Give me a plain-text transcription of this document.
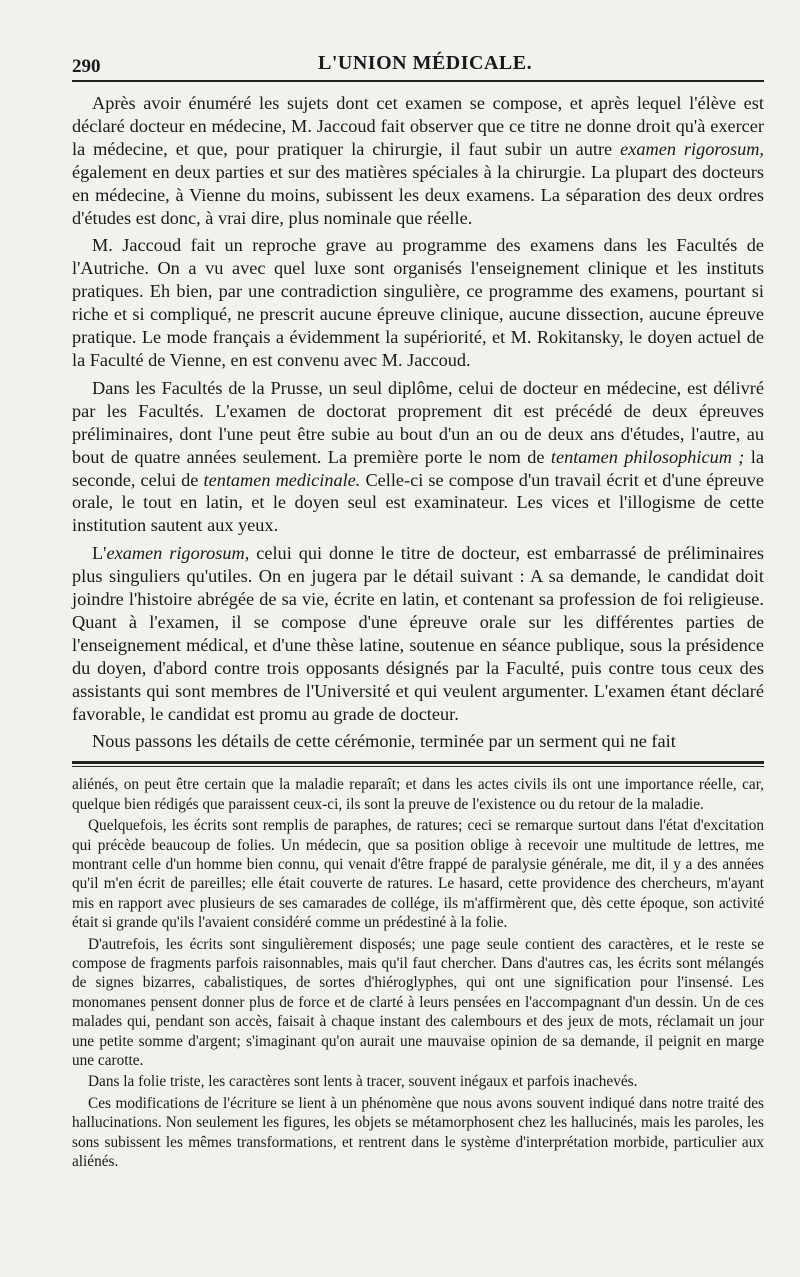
290	L'UNION MÉDICALE.

Après avoir énuméré les sujets dont cet examen se compose, et après lequel l'élève est déclaré docteur en médecine, M. Jaccoud fait observer que ce titre ne donne droit qu'à exercer la médecine, et que, pour pratiquer la chirurgie, il faut subir un autre examen rigorosum, également en deux parties et sur des matières spéciales à la chirurgie. La plupart des docteurs en médecine, à Vienne du moins, subissent les deux examens. La séparation des deux ordres d'études est donc, à vrai dire, plus nominale que réelle.

M. Jaccoud fait un reproche grave au programme des examens dans les Facultés de l'Autriche. On a vu avec quel luxe sont organisés l'enseignement clinique et les instituts pratiques. Eh bien, par une contradiction singulière, ce programme des examens, pourtant si riche et si compliqué, ne prescrit aucune épreuve clinique, aucune dissection, aucune épreuve pratique. Le mode français a évidemment la supériorité, et M. Rokitansky, le doyen actuel de la Faculté de Vienne, en est convenu avec M. Jaccoud.

Dans les Facultés de la Prusse, un seul diplôme, celui de docteur en médecine, est délivré par les Facultés. L'examen de doctorat proprement dit est précédé de deux épreuves préliminaires, dont l'une peut être subie au bout d'un an ou de deux ans d'études, l'autre, au bout de quatre années seulement. La première porte le nom de tentamen philosophicum ; la seconde, celui de tentamen medicinale. Celle-ci se compose d'un travail écrit et d'une épreuve orale, le tout en latin, et le doyen seul est examinateur. Les vices et l'illogisme de cette institution sautent aux yeux.

L'examen rigorosum, celui qui donne le titre de docteur, est embarrassé de préliminaires plus singuliers qu'utiles. On en jugera par le détail suivant : A sa demande, le candidat doit joindre l'histoire abrégée de sa vie, écrite en latin, et contenant sa profession de foi religieuse. Quant à l'examen, il se compose d'une épreuve orale sur les différentes parties de l'enseignement médical, et d'une thèse latine, soutenue en séance publique, sous la présidence du doyen, d'abord contre trois opposants désignés par la Faculté, puis contre tous ceux des assistants qui sont membres de l'Université et qui veulent argumenter. L'examen étant déclaré favorable, le candidat est promu au grade de docteur.

Nous passons les détails de cette cérémonie, terminée par un serment qui ne fait

aliénés, on peut être certain que la maladie reparaît; et dans les actes civils ils ont une importance réelle, car, quelque bien rédigés que paraissent ceux-ci, ils sont la preuve de l'existence ou du retour de la maladie.

Quelquefois, les écrits sont remplis de paraphes, de ratures; ceci se remarque surtout dans l'état d'excitation qui précède beaucoup de folies. Un médecin, que sa position oblige à recevoir une multitude de lettres, me montrant celle d'un homme bien connu, qui venait d'être frappé de paralysie générale, me dit, il y a des années qu'il m'en écrit de pareilles; elle était couverte de ratures. Le hasard, cette providence des chercheurs, m'ayant mis en rapport avec plusieurs de ses camarades de collége, ils m'affirmèrent que, dès cette époque, son activité était si grande qu'ils l'avaient considéré comme un prédestiné à la folie.

D'autrefois, les écrits sont singulièrement disposés; une page seule contient des caractères, et le reste se compose de fragments parfois raisonnables, mais qu'il faut chercher. Dans d'autres cas, les écrits sont mélangés de signes bizarres, cabalistiques, de sortes d'hiéroglyphes, qui ont une signification pour l'insensé. Les monomanes pensent donner plus de force et de clarté à leurs pensées en l'accompagnant d'un dessin. Un de ces malades qui, pendant son accès, faisait à chaque instant des calembours et des jeux de mots, réclamait un jour une petite somme d'argent; s'imaginant qu'on aurait une mauvaise opinion de sa demande, il peignit en marge une carotte.

Dans la folie triste, les caractères sont lents à tracer, souvent inégaux et parfois inachevés.

Ces modifications de l'écriture se lient à un phénomène que nous avons souvent indiqué dans notre traité des hallucinations. Non seulement les figures, les objets se métamorphosent chez les hallucinés, mais les paroles, les sons subissent les mêmes transformations, et rentrent dans le système d'interprétation morbide, particulier aux aliénés.
